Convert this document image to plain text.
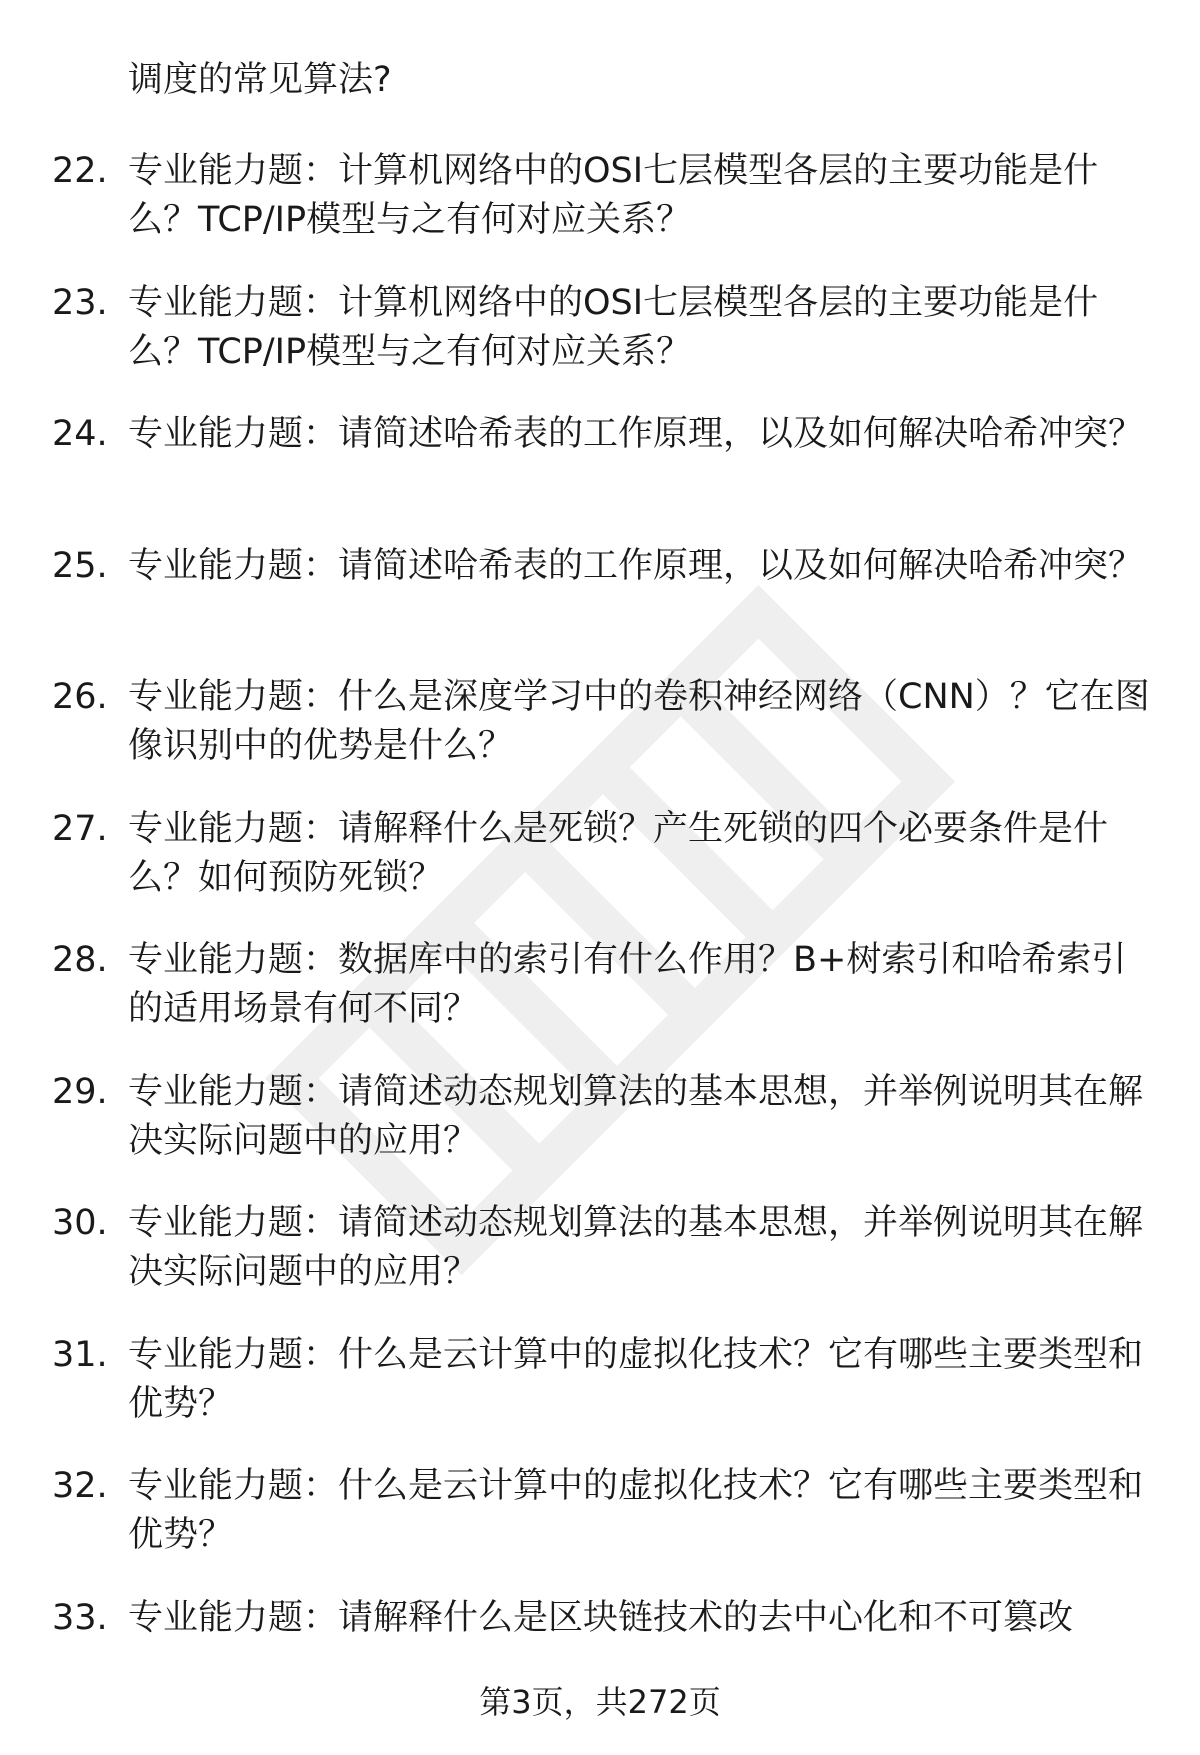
调度的常见算法?
22. 专业能力题：计算机网络中的OSI七层模型各层的主要功能是什么？TCP/IP模型与之有何对应关系？
23. 专业能力题：计算机网络中的OSI七层模型各层的主要功能是什么？TCP/IP模型与之有何对应关系？
24. 专业能力题：请简述哈希表的工作原理，以及如何解决哈希冲突？
25. 专业能力题：请简述哈希表的工作原理，以及如何解决哈希冲突？
26. 专业能力题：什么是深度学习中的卷积神经网络（CNN）？它在图像识别中的优势是什么？
27. 专业能力题：请解释什么是死锁？产生死锁的四个必要条件是什么？如何预防死锁？
28. 专业能力题：数据库中的索引有什么作用？B+树索引和哈希索引的适用场景有何不同？
29. 专业能力题：请简述动态规划算法的基本思想，并举例说明其在解决实际问题中的应用？
30. 专业能力题：请简述动态规划算法的基本思想，并举例说明其在解决实际问题中的应用？
31. 专业能力题：什么是云计算中的虚拟化技术？它有哪些主要类型和优势？
32. 专业能力题：什么是云计算中的虚拟化技术？它有哪些主要类型和优势？
33. 专业能力题：请解释什么是区块链技术的去中心化和不可篡改
第3页，共272页
